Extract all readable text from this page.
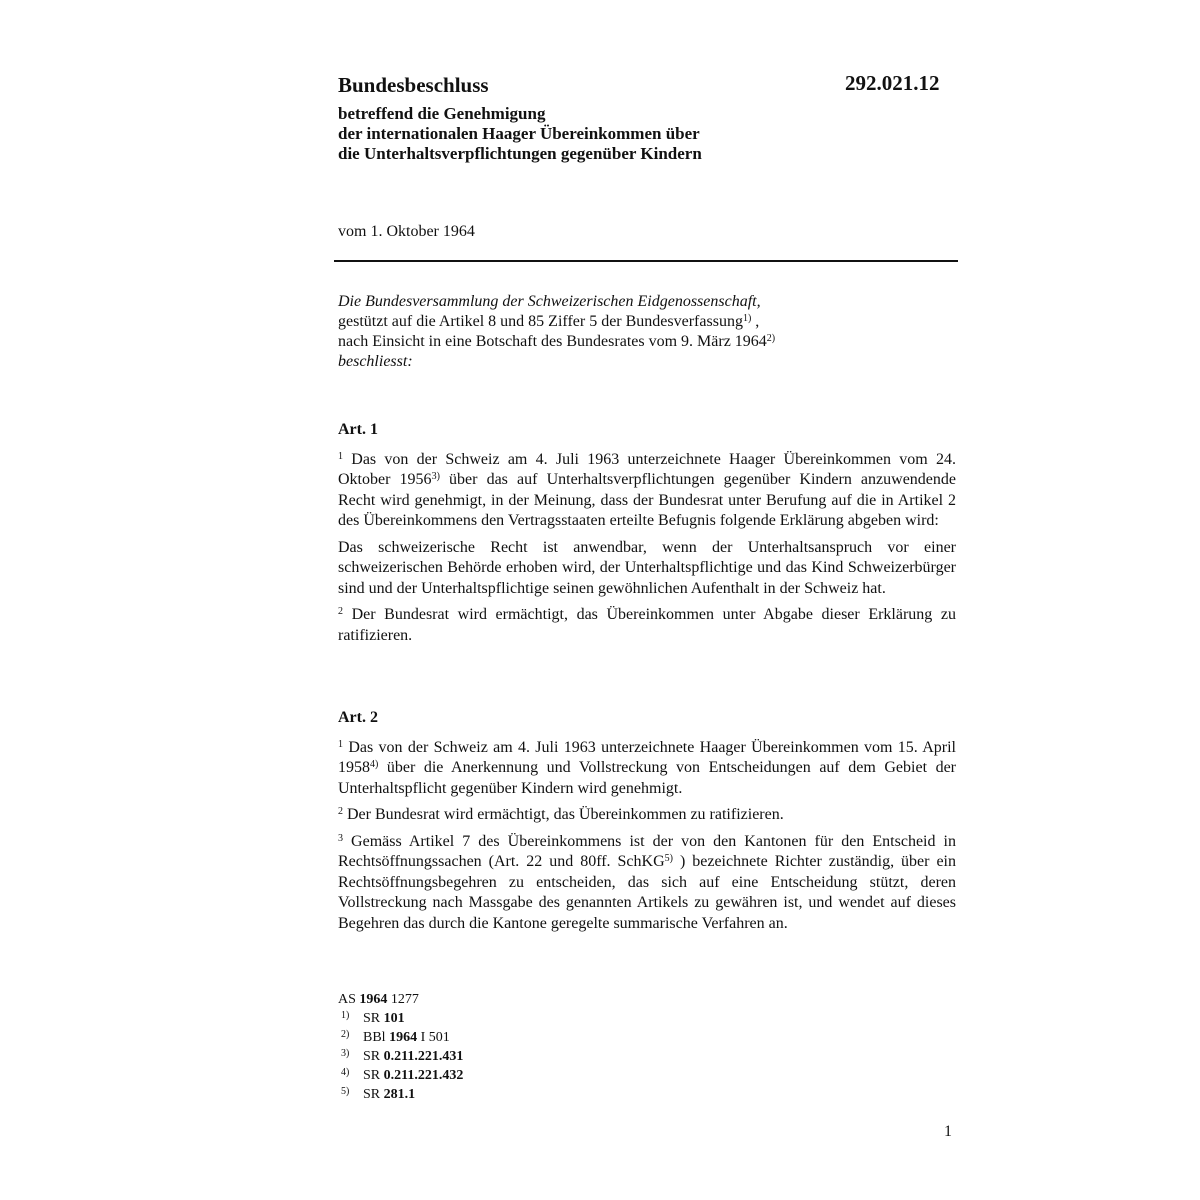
Bundesbeschluss	292.021.12
betreffend die Genehmigung
der internationalen Haager Übereinkommen über
die Unterhaltsverpflichtungen gegenüber Kindern
vom 1. Oktober 1964
Die Bundesversammlung der Schweizerischen Eidgenossenschaft,
gestützt auf die Artikel 8 und 85 Ziffer 5 der Bundesverfassung$^{1)}$ ,
nach Einsicht in eine Botschaft des Bundesrates vom 9. März 1964$^{2)}$
beschliesst:
Art. 1

$^1$ Das von der Schweiz am 4. Juli 1963 unterzeichnete Haager Übereinkommen vom 24. Oktober 1956$^{3)}$ über das auf Unterhaltsverpflichtungen gegenüber Kindern anzuwendende Recht wird genehmigt, in der Meinung, dass der Bundesrat unter Berufung auf die in Artikel 2 des Übereinkommens den Vertragsstaaten erteilte Befugnis folgende Erklärung abgeben wird:

Das schweizerische Recht ist anwendbar, wenn der Unterhaltsanspruch vor einer schweizerischen Behörde erhoben wird, der Unterhaltspflichtige und das Kind Schweizerbürger sind und der Unterhaltspflichtige seinen gewöhnlichen Aufenthalt in der Schweiz hat.

$^2$ Der Bundesrat wird ermächtigt, das Übereinkommen unter Abgabe dieser Erklärung zu ratifizieren.

Art. 2

$^1$ Das von der Schweiz am 4. Juli 1963 unterzeichnete Haager Übereinkommen vom 15. April 1958$^{4)}$ über die Anerkennung und Vollstreckung von Entscheidungen auf dem Gebiet der Unterhaltspflicht gegenüber Kindern wird genehmigt.

$^2$ Der Bundesrat wird ermächtigt, das Übereinkommen zu ratifizieren.

$^3$ Gemäss Artikel 7 des Übereinkommens ist der von den Kantonen für den Entscheid in Rechtsöffnungssachen (Art. 22 und 80ff. SchKG$^{5)}$ ) bezeichnete Richter zuständig, über ein Rechtsöffnungsbegehren zu entscheiden, das sich auf eine Entscheidung stützt, deren Vollstreckung nach Massgabe des genannten Artikels zu gewähren ist, und wendet auf dieses Begehren das durch die Kantone geregelte summarische Verfahren an.

AS 1964 1277
1) SR 101
2) BBl 1964 I 501
3) SR 0.211.221.431
4) SR 0.211.221.432
5) SR 281.1
1
